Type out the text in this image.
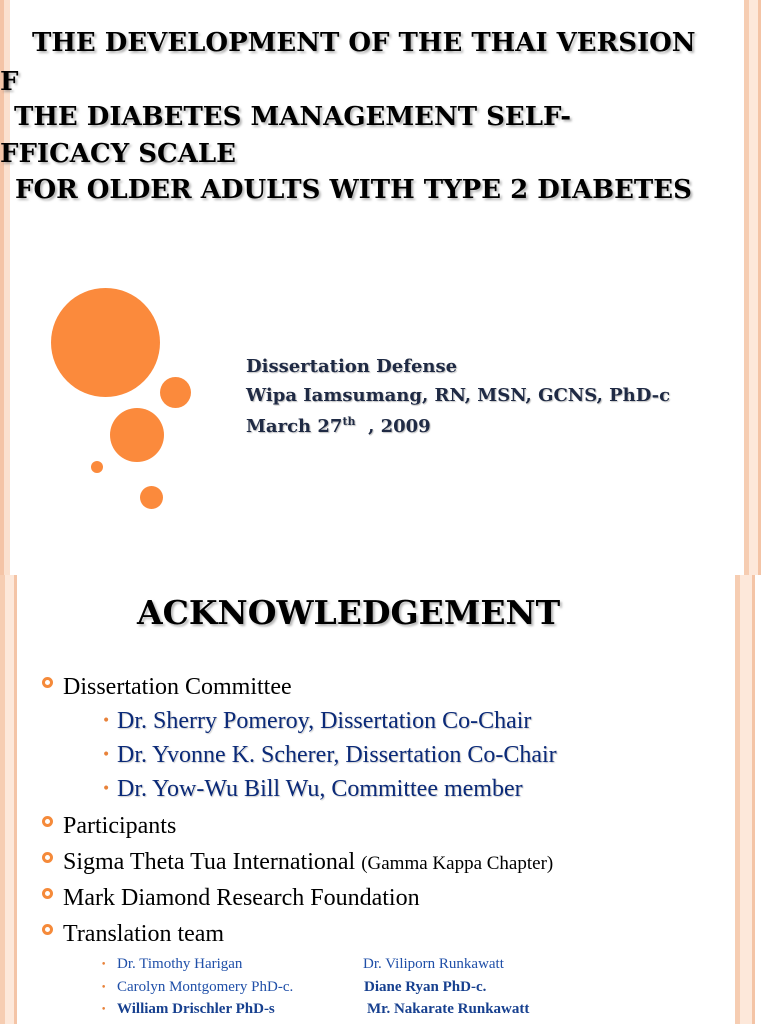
THE DEVELOPMENT OF THE THAI VERSION
F
THE DIABETES MANAGEMENT SELF-
FFICACY SCALE
FOR OLDER ADULTS WITH TYPE 2 DIABETES
Dissertation Defense
Wipa Iamsumang, RN, MSN, GCNS, PhD-c
March 27th  , 2009
ACKNOWLEDGEMENT
Dissertation Committee
• Dr. Sherry Pomeroy, Dissertation Co-Chair
• Dr. Yvonne K. Scherer, Dissertation Co-Chair
• Dr. Yow-Wu Bill Wu, Committee member
Participants
Sigma Theta Tua International (Gamma Kappa Chapter)
Mark Diamond Research Foundation
Translation team
• Dr. Timothy Harigan	Dr. Viliporn Runkawatt
• Carolyn Montgomery PhD-c.	Diane Ryan PhD-c.
• William Drischler PhD-s	Mr. Nakarate Runkawatt
